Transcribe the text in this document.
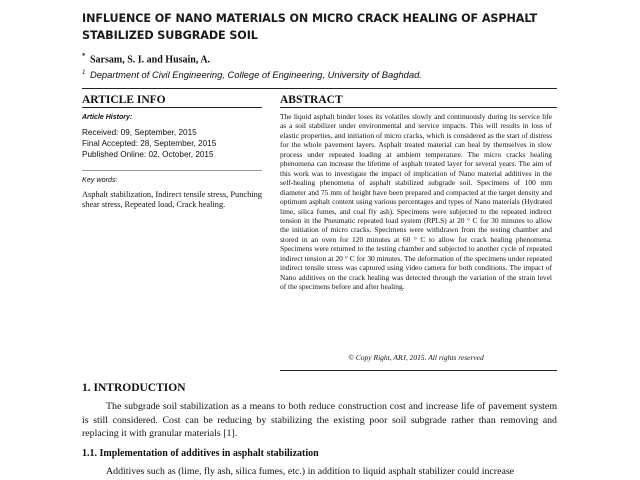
INFLUENCE OF NANO MATERIALS ON MICRO CRACK HEALING OF ASPHALT STABILIZED SUBGRADE SOIL
* Sarsam, S. I. and Husain, A.
$^1$ Department of Civil Engineering, College of Engineering, University of Baghdad.
ARTICLE INFO	ABSTRACT
Article History:
Received: 09, September, 2015
Final Accepted: 28, September, 2015
Published Online: 02, October, 2015
Key words:
Asphalt stabilization, Indirect tensile stress, Punching shear stress, Repeated load, Crack healing.
The liquid asphalt binder loses its volatiles slowly and continuously during its service life as a soil stabilizer under environmental and service impacts. This will results in loss of elastic properties, and initiation of micro cracks, which is considered as the start of distress for the whole pavement layers. Asphalt treated material can heal by themselves in slow process under repeated loading at ambient temperature. The micro cracks healing phenomena can increase the lifetime of asphalt treated layer for several years. The aim of this work was to investigate the impact of implication of Nano material additives in the self-healing phenomena of asphalt stabilized subgrade soil. Specimens of 100 mm diameter and 75 mm of height have been prepared and compacted at the target density and optimum asphalt content using various percentages and types of Nano materials (Hydrated lime, silica fumes, and coal fly ash). Specimens were subjected to the repeated indirect tension in the Pneumatic repeated load system (RPLS) at 20 ° C for 30 minutes to allow the initiation of micro cracks. Specimens were withdrawn from the testing chamber and stored in an oven for 120 minutes at 60 ° C to allow for crack healing phenomena. Specimens were returned to the testing chamber and subjected to another cycle of repeated indirect tension at 20 ° C for 30 minutes. The deformation of the specimens under repeated indirect tensile stress was captured using video camera for both conditions. The impact of Nano additives on the crack healing was detected through the variation of the strain level of the specimens before and after healing.
© Copy Right, ARJ, 2015. All rights reserved
1. INTRODUCTION
The subgrade soil stabilization as a means to both reduce construction cost and increase life of pavement system is still considered. Cost can be reducing by stabilizing the existing poor soil subgrade rather than removing and replacing it with granular materials [1].
1.1. Implementation of additives in asphalt stabilization
Additives such as (lime, fly ash, silica fumes, etc.) in addition to liquid asphalt stabilizer could increase
